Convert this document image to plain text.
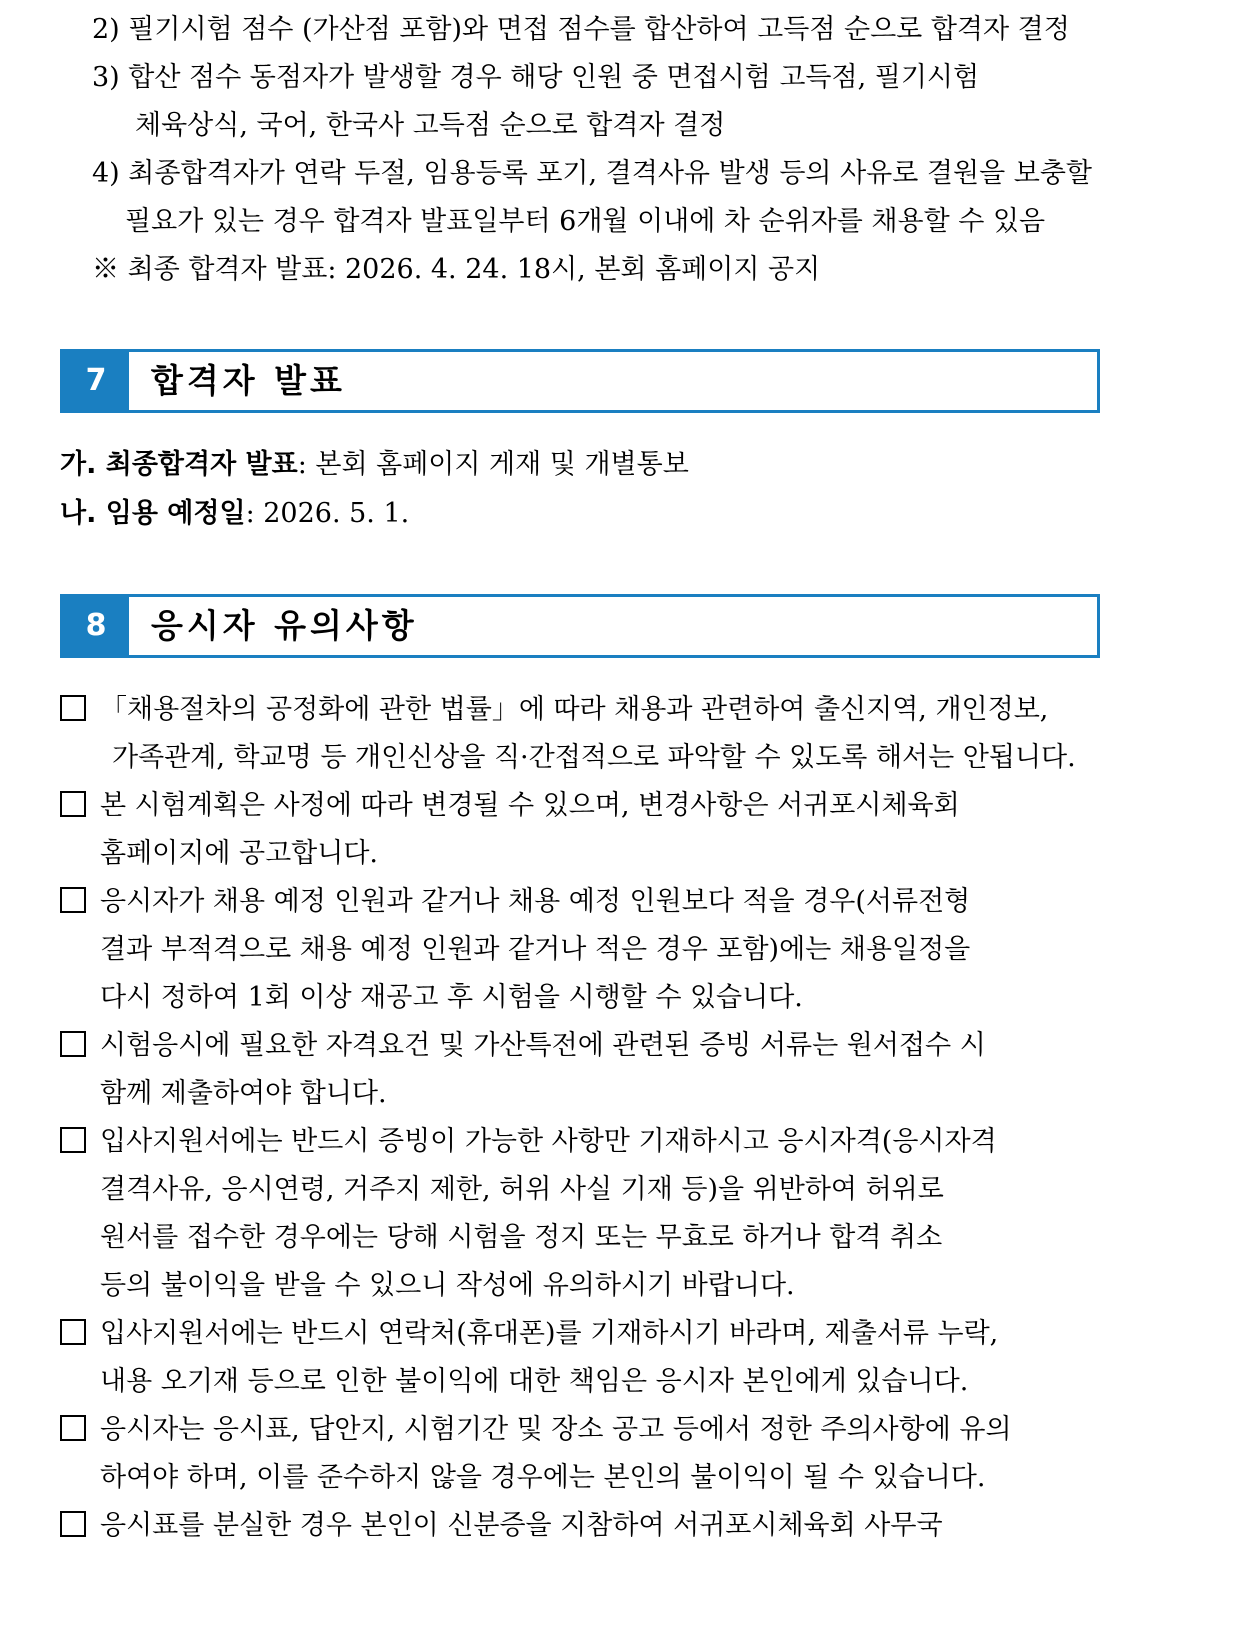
2) 필기시험 점수 (가산점 포함)와 면접 점수를 합산하여 고득점 순으로 합격자 결정
3) 합산 점수 동점자가 발생할 경우 해당 인원 중 면접시험 고득점, 필기시험
체육상식, 국어, 한국사 고득점 순으로 합격자 결정
4) 최종합격자가 연락 두절, 임용등록 포기, 결격사유 발생 등의 사유로 결원을 보충할
필요가 있는 경우 합격자 발표일부터 6개월 이내에 차 순위자를 채용할 수 있음
※ 최종 합격자 발표: 2026. 4. 24. 18시, 본회 홈페이지 공지
7	합격자 발표
가. 최종합격자 발표: 본회 홈페이지 게재 및 개별통보
나. 임용 예정일: 2026. 5. 1.
8	응시자 유의사항
「채용절차의 공정화에 관한 법률」에 따라 채용과 관련하여 출신지역, 개인정보,
가족관계, 학교명 등 개인신상을 직·간접적으로 파악할 수 있도록 해서는 안됩니다.
본 시험계획은 사정에 따라 변경될 수 있으며, 변경사항은 서귀포시체육회
홈페이지에 공고합니다.
응시자가 채용 예정 인원과 같거나 채용 예정 인원보다 적을 경우(서류전형
결과 부적격으로 채용 예정 인원과 같거나 적은 경우 포함)에는 채용일정을
다시 정하여 1회 이상 재공고 후 시험을 시행할 수 있습니다.
시험응시에 필요한 자격요건 및 가산특전에 관련된 증빙 서류는 원서접수 시
함께 제출하여야 합니다.
입사지원서에는 반드시 증빙이 가능한 사항만 기재하시고 응시자격(응시자격
결격사유, 응시연령, 거주지 제한, 허위 사실 기재 등)을 위반하여 허위로
원서를 접수한 경우에는 당해 시험을 정지 또는 무효로 하거나 합격 취소
등의 불이익을 받을 수 있으니 작성에 유의하시기 바랍니다.
입사지원서에는 반드시 연락처(휴대폰)를 기재하시기 바라며, 제출서류 누락,
내용 오기재 등으로 인한 불이익에 대한 책임은 응시자 본인에게 있습니다.
응시자는 응시표, 답안지, 시험기간 및 장소 공고 등에서 정한 주의사항에 유의
하여야 하며, 이를 준수하지 않을 경우에는 본인의 불이익이 될 수 있습니다.
응시표를 분실한 경우 본인이 신분증을 지참하여 서귀포시체육회 사무국
